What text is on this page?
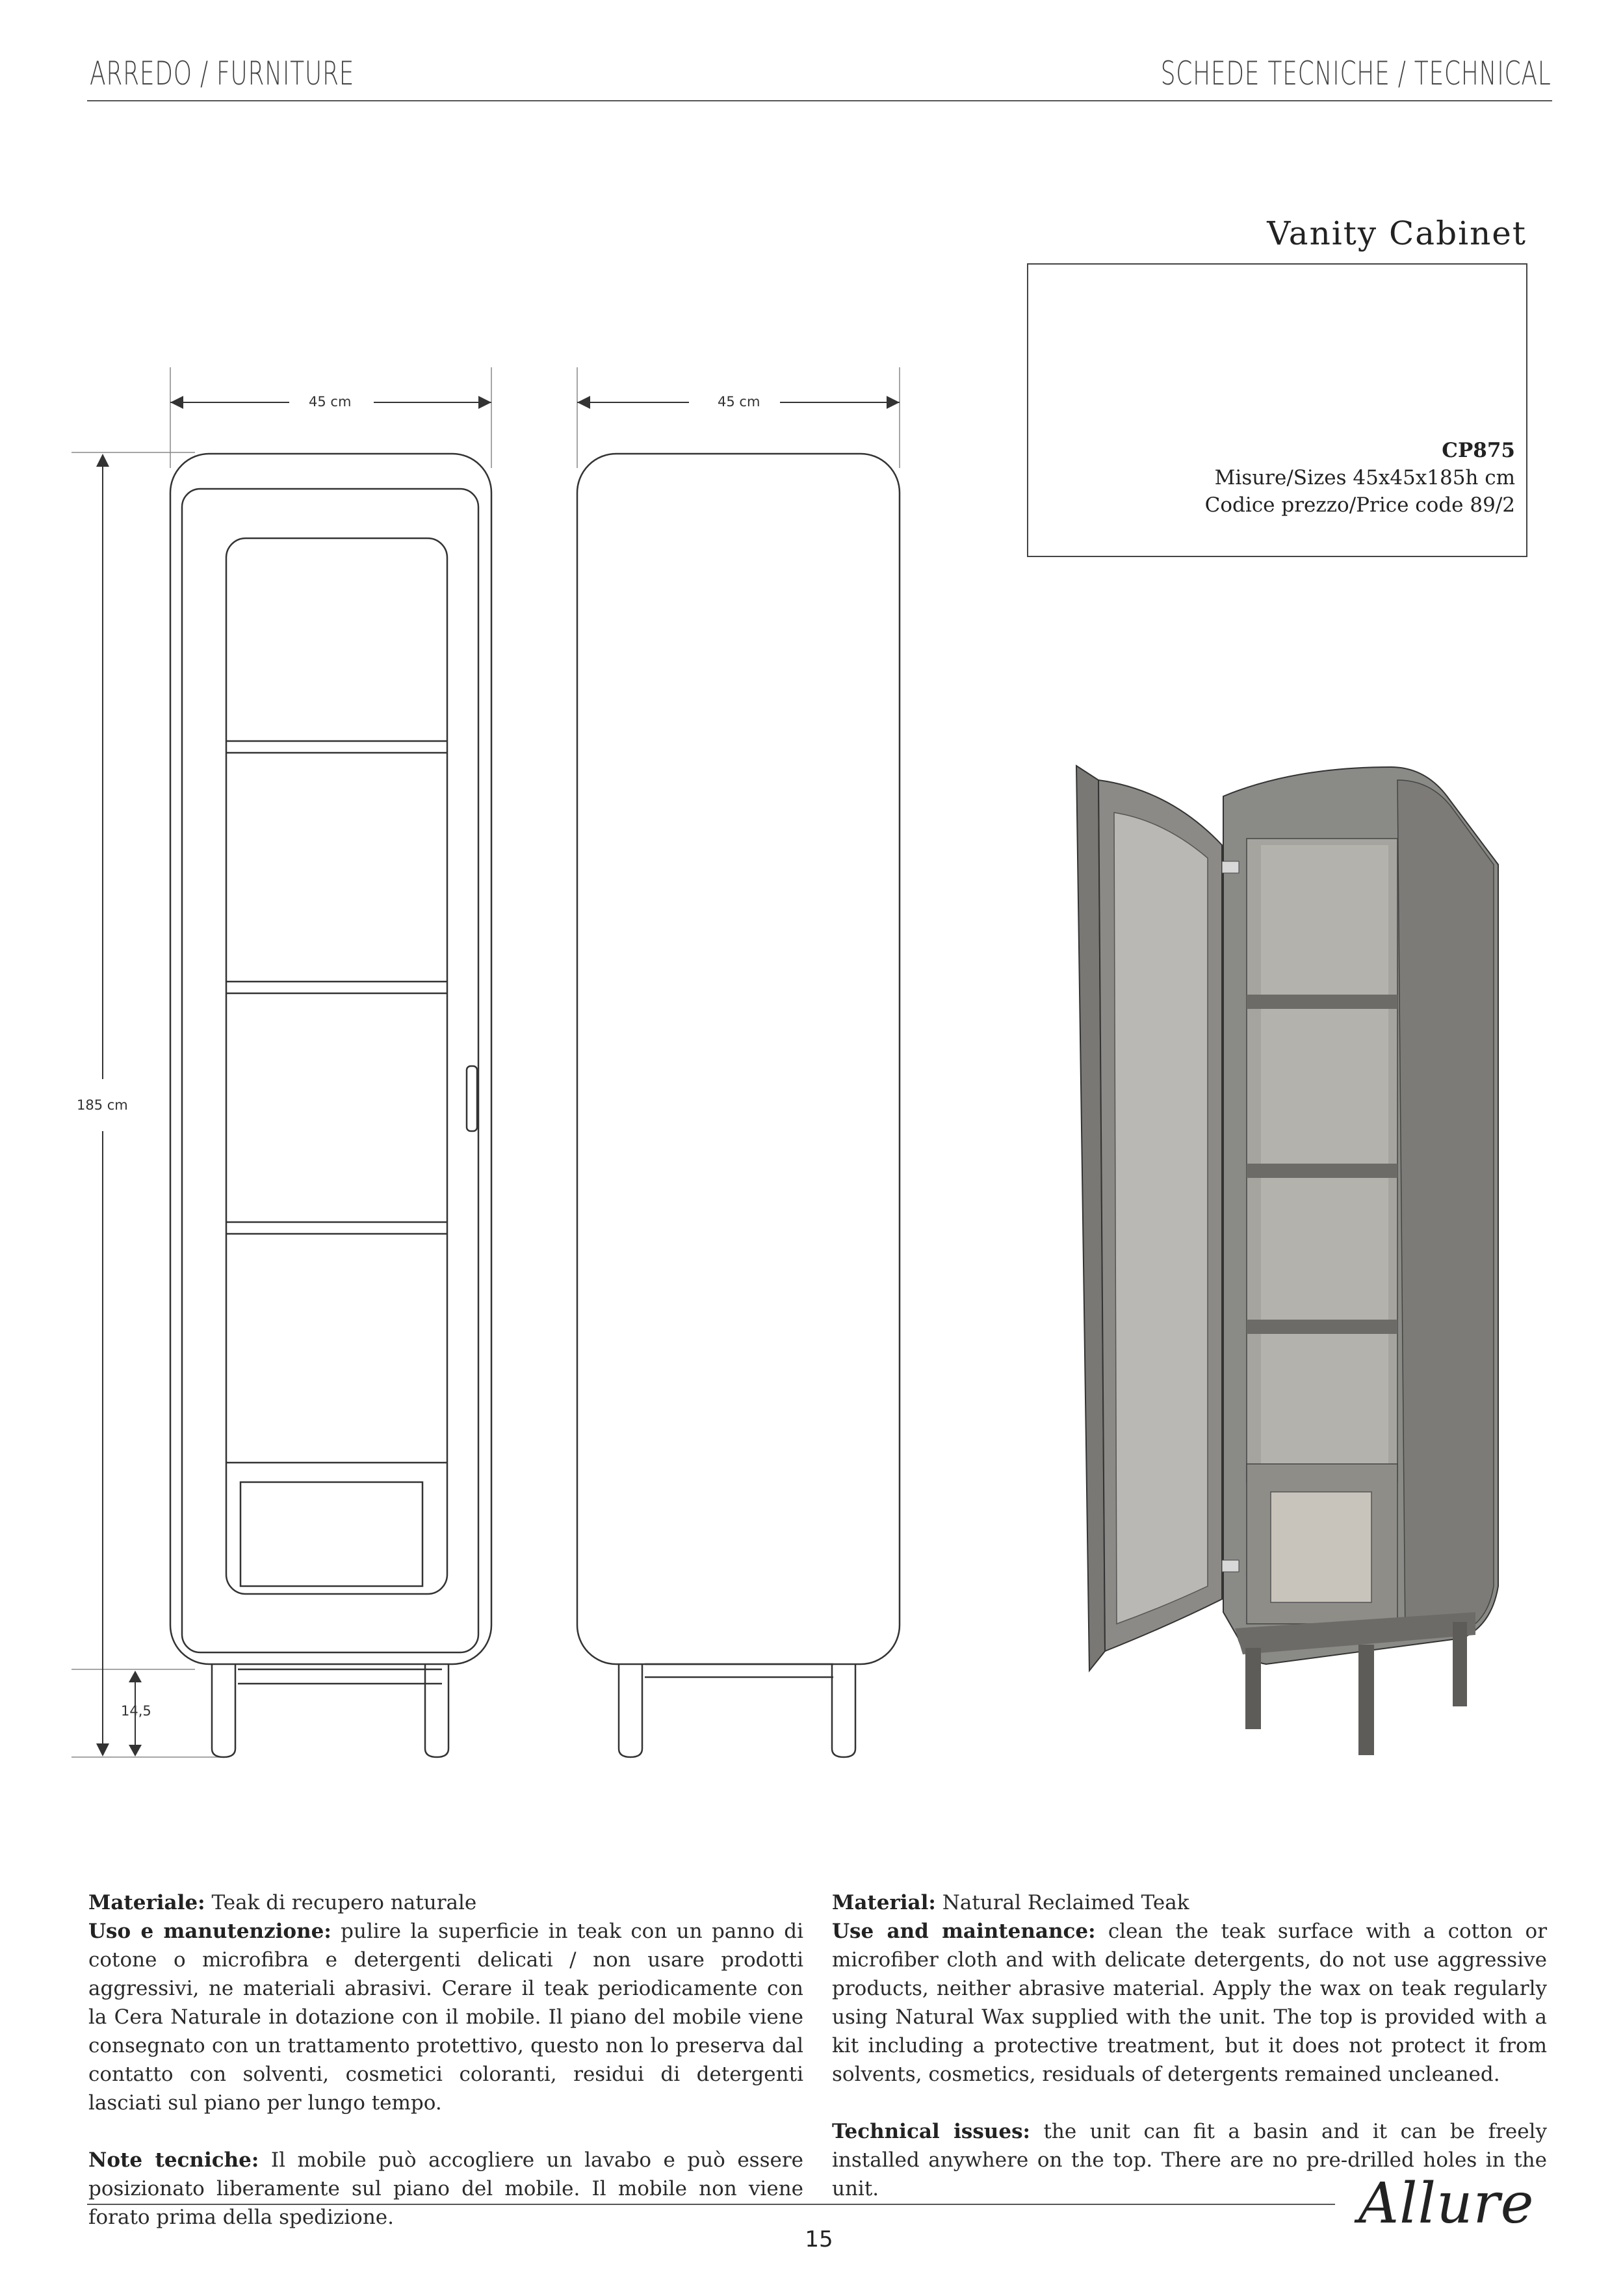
ARREDO / FURNITURE	SCHEDE TECNICHE / TECHNICAL
Vanity Cabinet
CP875
Misure/Sizes 45x45x185h cm
Codice prezzo/Price code 89/2
45 cm	45 cm
185 cm
14,5

Materiale: Teak di recupero naturale

Uso e manutenzione: pulire la superficie in teak con un panno di cotone o microfibra e detergenti delicati / non usare prodotti aggressivi, ne materiali abrasivi. Cerare il teak periodicamente con la Cera Naturale in dotazione con il mobile. Il piano del mobile viene consegnato con un trattamento protettivo, questo non lo preserva dal contatto con solventi, cosmetici coloranti, residui di detergenti lasciati sul piano per lungo tempo.

Note tecniche: Il mobile può accogliere un lavabo e può essere posizionato liberamente sul piano del mobile. Il mobile non viene forato prima della spedizione.

Material: Natural Reclaimed Teak

Use and maintenance: clean the teak surface with a cotton or microfiber cloth and with delicate detergents, do not use aggressive products, neither abrasive material. Apply the wax on teak regularly using Natural Wax supplied with the unit. The top is provided with a kit including a protective treatment, but it does not protect it from solvents, cosmetics, residuals of detergents remained uncleaned.

Technical issues: the unit can fit a basin and it can be freely installed anywhere on the top. There are no pre-drilled holes in the unit.

15
Allure
